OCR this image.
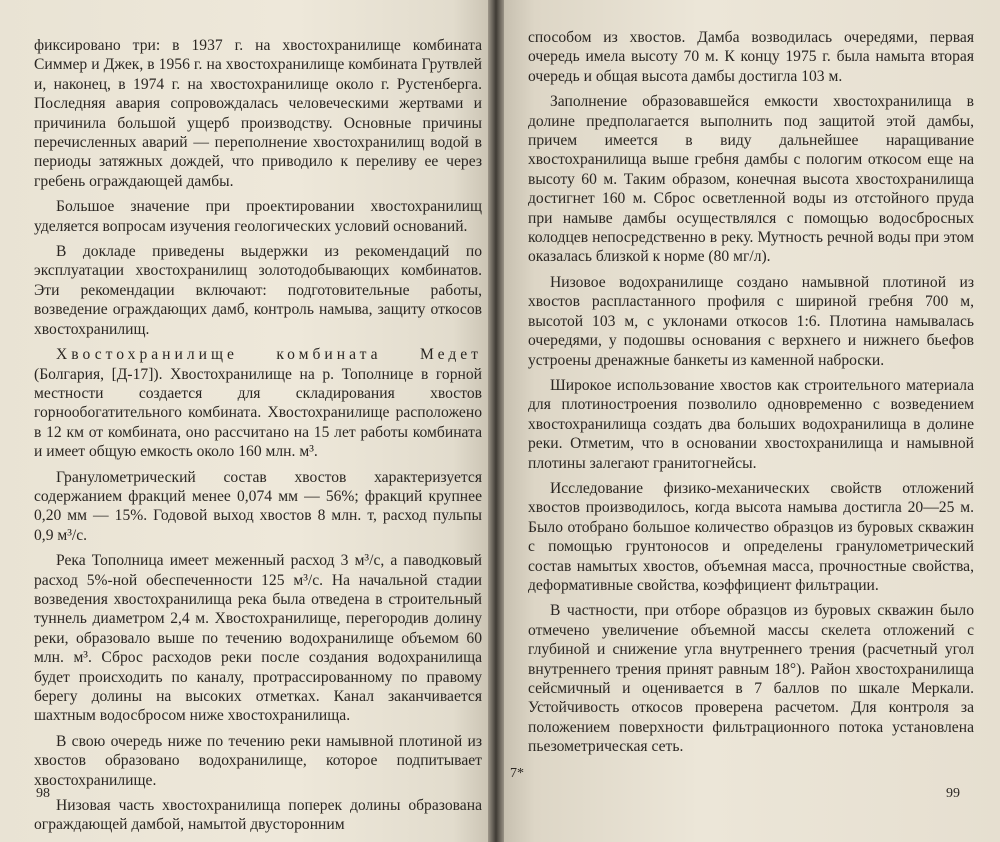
фиксировано три: в 1937 г. на хвостохранилище комбината Симмер и Джек, в 1956 г. на хвостохранилище комбината Грутвлей и, наконец, в 1974 г. на хвостохранилище около г. Рустенберга. Последняя авария сопровождалась человеческими жертвами и причинила большой ущерб производству. Основные причины перечисленных аварий — переполнение хвостохранилищ водой в периоды затяжных дождей, что приводило к переливу ее через гребень ограждающей дамбы.

Большое значение при проектировании хвостохранилищ уделяется вопросам изучения геологических условий оснований.

В докладе приведены выдержки из рекомендаций по эксплуатации хвостохранилищ золотодобывающих комбинатов. Эти рекомендации включают: подготовительные работы, возведение ограждающих дамб, контроль намыва, защиту откосов хвостохранилищ.

Хвостохранилище комбината Медет (Болгария, [Д-17]). Хвостохранилище на р. Тополнице в горной местности создается для складирования хвостов горнообогатительного комбината. Хвостохранилище расположено в 12 км от комбината, оно рассчитано на 15 лет работы комбината и имеет общую емкость около 160 млн. м³.

Гранулометрический состав хвостов характеризуется содержанием фракций менее 0,074 мм — 56%; фракций крупнее 0,20 мм — 15%. Годовой выход хвостов 8 млн. т, расход пульпы 0,9 м³/с.

Река Тополница имеет меженный расход 3 м³/с, а паводковый расход 5%-ной обеспеченности 125 м³/с. На начальной стадии возведения хвостохранилища река была отведена в строительный туннель диаметром 2,4 м. Хвостохранилище, перегородив долину реки, образовало выше по течению водохранилище объемом 60 млн. м³. Сброс расходов реки после создания водохранилища будет происходить по каналу, протрассированному по правому берегу долины на высоких отметках. Канал заканчивается шахтным водосбросом ниже хвостохранилища.

В свою очередь ниже по течению реки намывной плотиной из хвостов образовано водохранилище, которое подпитывает хвостохранилище.

Низовая часть хвостохранилища поперек долины образована ограждающей дамбой, намытой двусторонним

98

способом из хвостов. Дамба возводилась очередями, первая очередь имела высоту 70 м. К концу 1975 г. была намыта вторая очередь и общая высота дамбы достигла 103 м.

Заполнение образовавшейся емкости хвостохранилища в долине предполагается выполнить под защитой этой дамбы, причем имеется в виду дальнейшее наращивание хвостохранилища выше гребня дамбы с пологим откосом еще на высоту 60 м. Таким образом, конечная высота хвостохранилища достигнет 160 м. Сброс осветленной воды из отстойного пруда при намыве дамбы осуществлялся с помощью водосбросных колодцев непосредственно в реку. Мутность речной воды при этом оказалась близкой к норме (80 мг/л).

Низовое водохранилище создано намывной плотиной из хвостов распластанного профиля с шириной гребня 700 м, высотой 103 м, с уклонами откосов 1:6. Плотина намывалась очередями, у подошвы основания с верхнего и нижнего бьефов устроены дренажные банкеты из каменной наброски.

Широкое использование хвостов как строительного материала для плотиностроения позволило одновременно с возведением хвостохранилища создать два больших водохранилища в долине реки. Отметим, что в основании хвостохранилища и намывной плотины залегают гранитогнейсы.

Исследование физико-механических свойств отложений хвостов производилось, когда высота намыва достигла 20—25 м. Было отобрано большое количество образцов из буровых скважин с помощью грунтоносов и определены гранулометрический состав намытых хвостов, объемная масса, прочностные свойства, деформативные свойства, коэффициент фильтрации.

В частности, при отборе образцов из буровых скважин было отмечено увеличение объемной массы скелета отложений с глубиной и снижение угла внутреннего трения (расчетный угол внутреннего трения принят равным 18°). Район хвостохранилища сейсмичный и оценивается в 7 баллов по шкале Меркали. Устойчивость откосов проверена расчетом. Для контроля за положением поверхности фильтрационного потока установлена пьезометрическая сеть.

7*
99
